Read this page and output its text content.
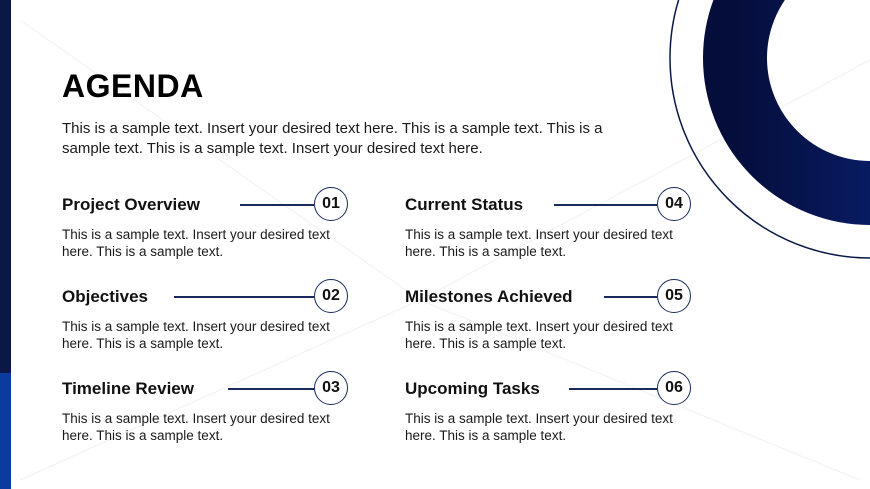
AGENDA
This is a sample text. Insert your desired text here. This is a sample text. This is a sample text. This is a sample text. Insert your desired text here.
Project Overview	01
This is a sample text. Insert your desired text here. This is a sample text.
Objectives	02
This is a sample text. Insert your desired text here. This is a sample text.
Timeline Review	03
This is a sample text. Insert your desired text here. This is a sample text.
Current Status	04
This is a sample text. Insert your desired text here. This is a sample text.
Milestones Achieved	05
This is a sample text. Insert your desired text here. This is a sample text.
Upcoming Tasks	06
This is a sample text. Insert your desired text here. This is a sample text.
